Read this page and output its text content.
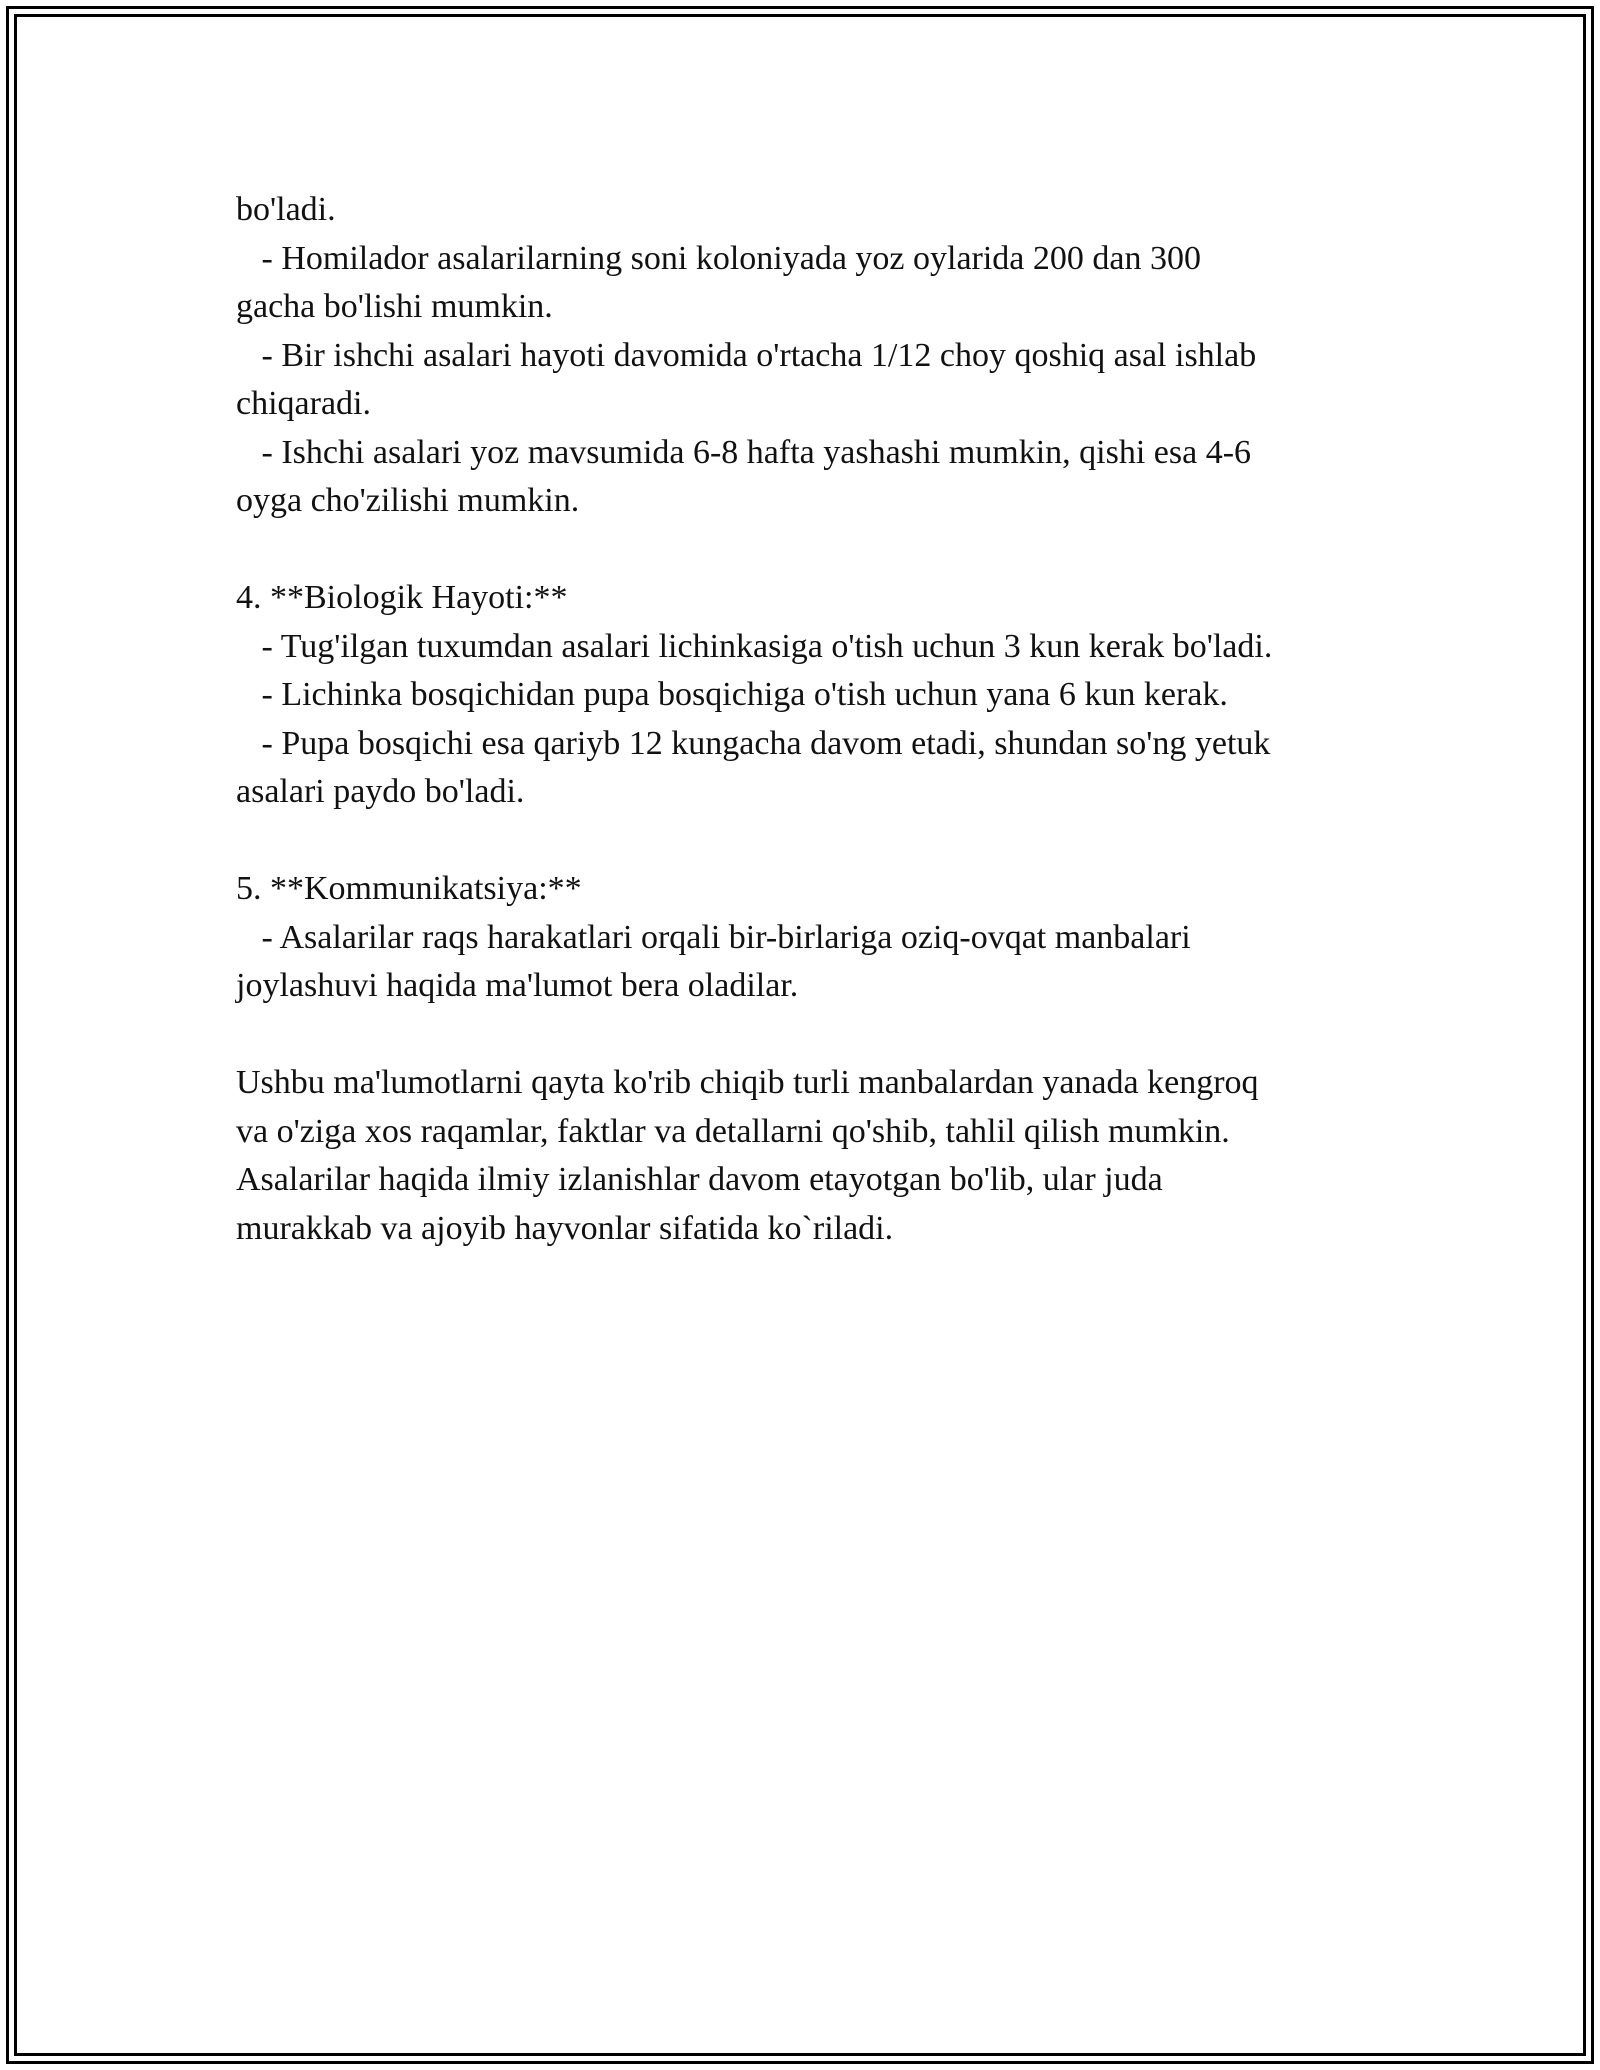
bo'ladi.
- Homilador asalarilarning soni koloniyada yoz oylarida 200 dan 300
gacha bo'lishi mumkin.
- Bir ishchi asalari hayoti davomida o'rtacha 1/12 choy qoshiq asal ishlab
chiqaradi.
- Ishchi asalari yoz mavsumida 6-8 hafta yashashi mumkin, qishi esa 4-6
oyga cho'zilishi mumkin.
4. **Biologik Hayoti:**
- Tug'ilgan tuxumdan asalari lichinkasiga o'tish uchun 3 kun kerak bo'ladi.
- Lichinka bosqichidan pupa bosqichiga o'tish uchun yana 6 kun kerak.
- Pupa bosqichi esa qariyb 12 kungacha davom etadi, shundan so'ng yetuk
asalari paydo bo'ladi.
5. **Kommunikatsiya:**
- Asalarilar raqs harakatlari orqali bir-birlariga oziq-ovqat manbalari
joylashuvi haqida ma'lumot bera oladilar.
Ushbu ma'lumotlarni qayta ko'rib chiqib turli manbalardan yanada kengroq
va o'ziga xos raqamlar, faktlar va detallarni qo'shib, tahlil qilish mumkin.
Asalarilar haqida ilmiy izlanishlar davom etayotgan bo'lib, ular juda
murakkab va ajoyib hayvonlar sifatida ko`riladi.
